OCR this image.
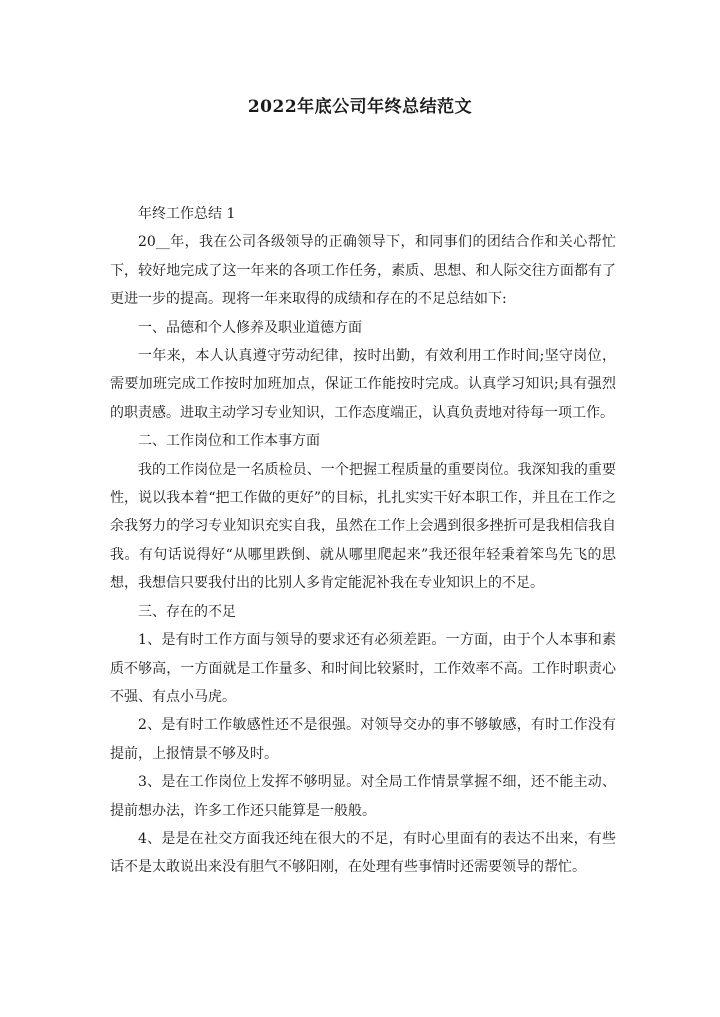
2022年底公司年终总结范文

年终工作总结 1

20__年，我在公司各级领导的正确领导下，和同事们的团结合作和关心帮忙下，较好地完成了这一年来的各项工作任务，素质、思想、和人际交往方面都有了更进一步的提高。现将一年来取得的成绩和存在的不足总结如下:

一、品德和个人修养及职业道德方面

一年来，本人认真遵守劳动纪律，按时出勤，有效利用工作时间;坚守岗位，需要加班完成工作按时加班加点，保证工作能按时完成。认真学习知识;具有强烈的职责感。进取主动学习专业知识，工作态度端正，认真负责地对待每一项工作。

二、工作岗位和工作本事方面

我的工作岗位是一名质检员、一个把握工程质量的重要岗位。我深知我的重要性，说以我本着“把工作做的更好”的目标，扎扎实实干好本职工作，并且在工作之余我努力的学习专业知识充实自我，虽然在工作上会遇到很多挫折可是我相信我自我。有句话说得好“从哪里跌倒、就从哪里爬起来”我还很年轻秉着笨鸟先飞的思想，我想信只要我付出的比别人多肯定能泥补我在专业知识上的不足。

三、存在的不足

1、是有时工作方面与领导的要求还有必须差距。一方面，由于个人本事和素质不够高，一方面就是工作量多、和时间比较紧时，工作效率不高。工作时职责心不强、有点小马虎。

2、是有时工作敏感性还不是很强。对领导交办的事不够敏感，有时工作没有提前，上报情景不够及时。

3、是在工作岗位上发挥不够明显。对全局工作情景掌握不细，还不能主动、提前想办法，许多工作还只能算是一般般。

4、是是在社交方面我还纯在很大的不足，有时心里面有的表达不出来，有些话不是太敢说出来没有胆气不够阳刚，在处理有些事情时还需要领导的帮忙。
